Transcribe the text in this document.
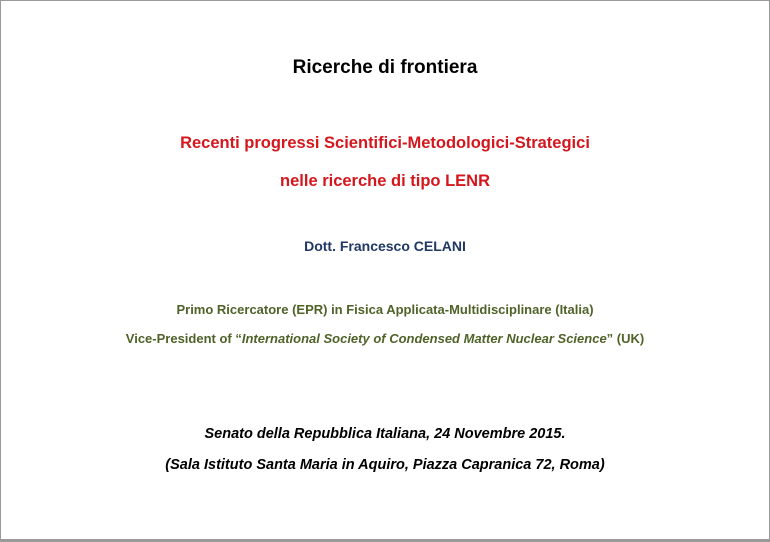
Ricerche di frontiera
Recenti progressi Scientifici-Metodologici-Strategici
nelle ricerche di tipo LENR
Dott. Francesco CELANI
Primo Ricercatore (EPR) in Fisica Applicata-Multidisciplinare (Italia)
Vice-President of “International Society of Condensed Matter Nuclear Science” (UK)
Senato della Repubblica Italiana, 24 Novembre 2015.
(Sala Istituto Santa Maria in Aquiro, Piazza Capranica 72, Roma)
